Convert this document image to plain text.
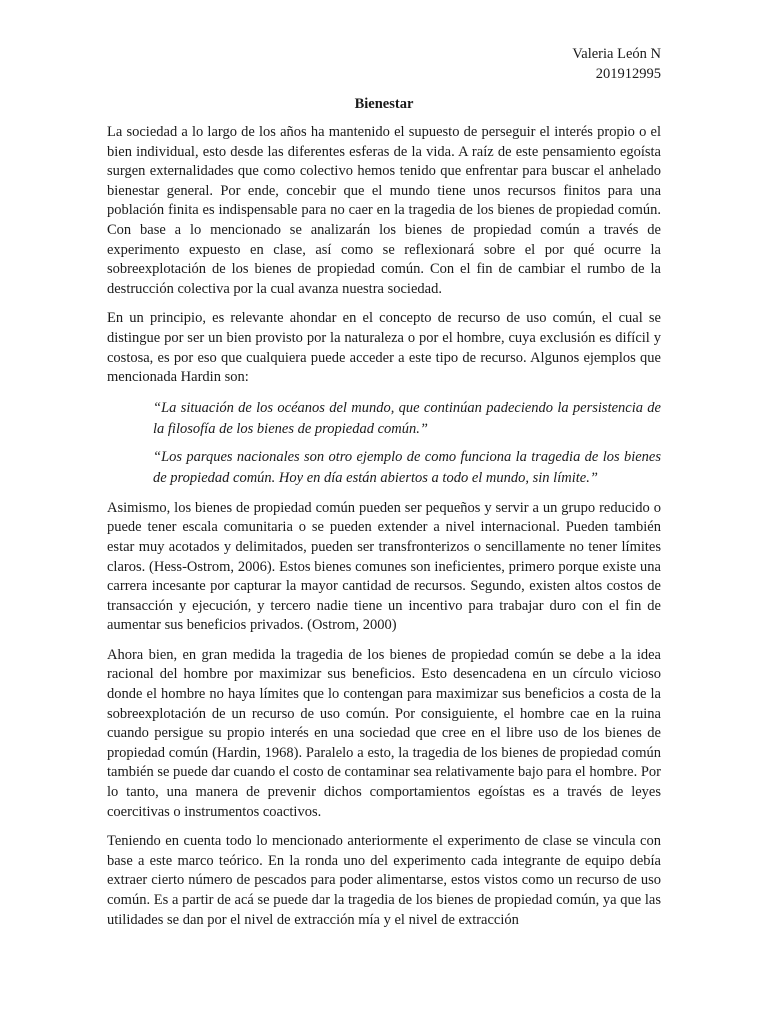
Valeria León N
201912995
Bienestar

La sociedad a lo largo de los años ha mantenido el supuesto de perseguir el interés propio o el bien individual, esto desde las diferentes esferas de la vida. A raíz de este pensamiento egoísta surgen externalidades que como colectivo hemos tenido que enfrentar para buscar el anhelado bienestar general. Por ende, concebir que el mundo tiene unos recursos finitos para una población finita es indispensable para no caer en la tragedia de los bienes de propiedad común. Con base a lo mencionado se analizarán los bienes de propiedad común a través de experimento expuesto en clase, así como se reflexionará sobre el por qué ocurre la sobreexplotación de los bienes de propiedad común. Con el fin de cambiar el rumbo de la destrucción colectiva por la cual avanza nuestra sociedad.

En un principio, es relevante ahondar en el concepto de recurso de uso común, el cual se distingue por ser un bien provisto por la naturaleza o por el hombre, cuya exclusión es difícil y costosa, es por eso que cualquiera puede acceder a este tipo de recurso. Algunos ejemplos que mencionada Hardin son:

“La situación de los océanos del mundo, que continúan padeciendo la persistencia de la filosofía de los bienes de propiedad común.”

“Los parques nacionales son otro ejemplo de como funciona la tragedia de los bienes de propiedad común. Hoy en día están abiertos a todo el mundo, sin límite.”

Asimismo, los bienes de propiedad común pueden ser pequeños y servir a un grupo reducido o puede tener escala comunitaria o se pueden extender a nivel internacional. Pueden también estar muy acotados y delimitados, pueden ser transfronterizos o sencillamente no tener límites claros. (Hess-Ostrom, 2006). Estos bienes comunes son ineficientes, primero porque existe una carrera incesante por capturar la mayor cantidad de recursos. Segundo, existen altos costos de transacción y ejecución, y tercero nadie tiene un incentivo para trabajar duro con el fin de aumentar sus beneficios privados. (Ostrom, 2000)

Ahora bien, en gran medida la tragedia de los bienes de propiedad común se debe a la idea racional del hombre por maximizar sus beneficios. Esto desencadena en un círculo vicioso donde el hombre no haya límites que lo contengan para maximizar sus beneficios a costa de la sobreexplotación de un recurso de uso común. Por consiguiente, el hombre cae en la ruina cuando persigue su propio interés en una sociedad que cree en el libre uso de los bienes de propiedad común (Hardin, 1968). Paralelo a esto, la tragedia de los bienes de propiedad común también se puede dar cuando el costo de contaminar sea relativamente bajo para el hombre. Por lo tanto, una manera de prevenir dichos comportamientos egoístas es a través de leyes coercitivas o instrumentos coactivos.

Teniendo en cuenta todo lo mencionado anteriormente el experimento de clase se vincula con base a este marco teórico. En la ronda uno del experimento cada integrante de equipo debía extraer cierto número de pescados para poder alimentarse, estos vistos como un recurso de uso común. Es a partir de acá se puede dar la tragedia de los bienes de propiedad común, ya que las utilidades se dan por el nivel de extracción mía y el nivel de extracción
